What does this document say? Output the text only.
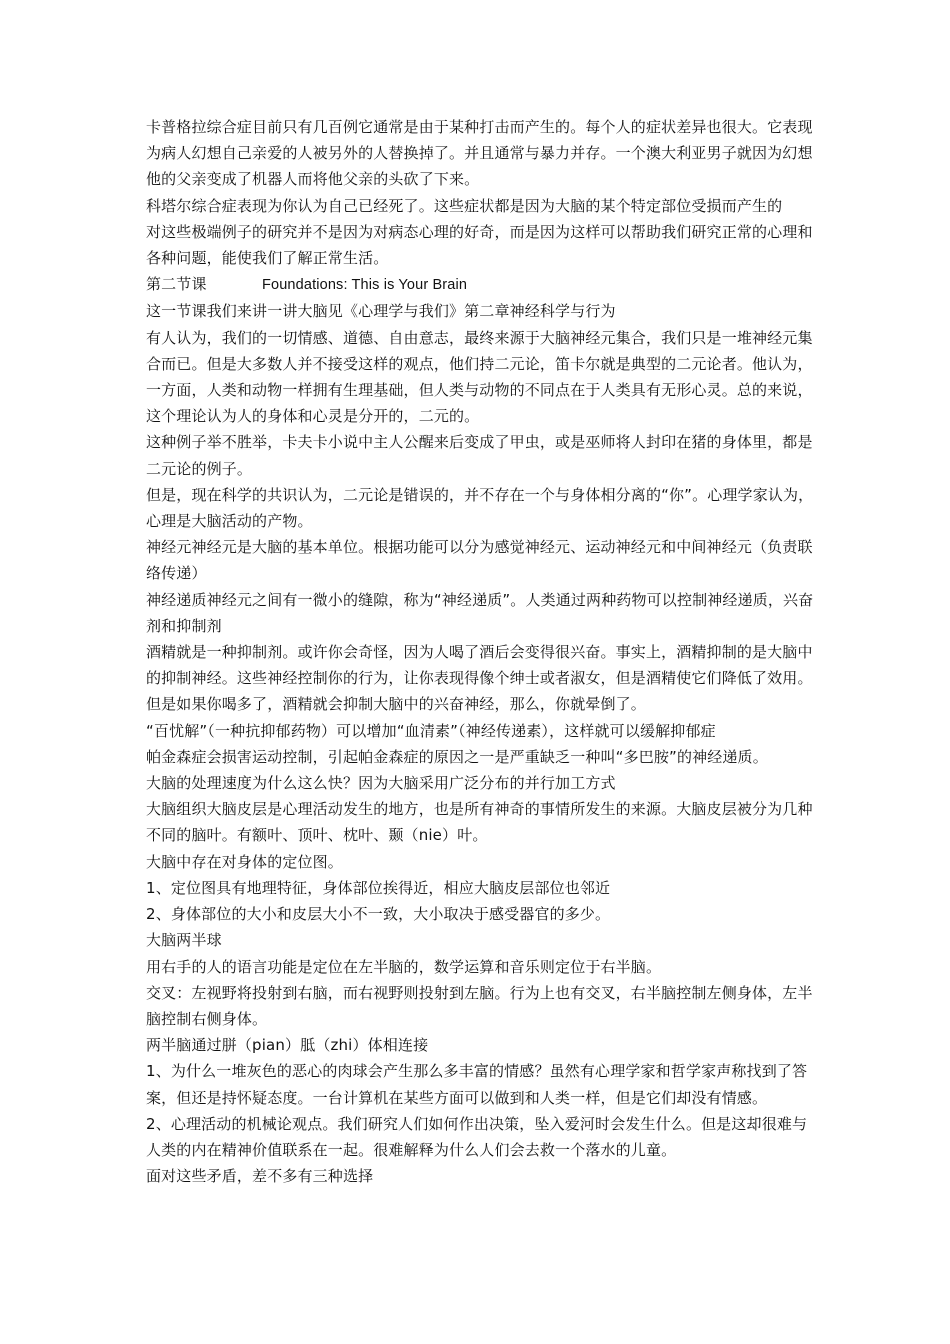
卡普格拉综合症目前只有几百例它通常是由于某种打击而产生的。每个人的症状差异也很大。它表现为病人幻想自己亲爱的人被另外的人替换掉了。并且通常与暴力并存。一个澳大利亚男子就因为幻想他的父亲变成了机器人而将他父亲的头砍了下来。

科塔尔综合症表现为你认为自己已经死了。这些症状都是因为大脑的某个特定部位受损而产生的

对这些极端例子的研究并不是因为对病态心理的好奇，而是因为这样可以帮助我们研究正常的心理和各种问题，能使我们了解正常生活。

第二节课	Foundations: This is Your Brain

这一节课我们来讲一讲大脑见《心理学与我们》第二章神经科学与行为

有人认为，我们的一切情感、道德、自由意志，最终来源于大脑神经元集合，我们只是一堆神经元集合而已。但是大多数人并不接受这样的观点，他们持二元论，笛卡尔就是典型的二元论者。他认为，一方面，人类和动物一样拥有生理基础，但人类与动物的不同点在于人类具有无形心灵。总的来说，这个理论认为人的身体和心灵是分开的，二元的。

这种例子举不胜举，卡夫卡小说中主人公醒来后变成了甲虫，或是巫师将人封印在猪的身体里，都是二元论的例子。

但是，现在科学的共识认为，二元论是错误的，并不存在一个与身体相分离的“你”。心理学家认为，心理是大脑活动的产物。

神经元神经元是大脑的基本单位。根据功能可以分为感觉神经元、运动神经元和中间神经元（负责联络传递）

神经递质神经元之间有一微小的缝隙，称为“神经递质”。人类通过两种药物可以控制神经递质，兴奋剂和抑制剂

酒精就是一种抑制剂。或许你会奇怪，因为人喝了酒后会变得很兴奋。事实上，酒精抑制的是大脑中的抑制神经。这些神经控制你的行为，让你表现得像个绅士或者淑女，但是酒精使它们降低了效用。但是如果你喝多了，酒精就会抑制大脑中的兴奋神经，那么，你就晕倒了。

“百忧解”（一种抗抑郁药物）可以增加“血清素”（神经传递素），这样就可以缓解抑郁症

帕金森症会损害运动控制，引起帕金森症的原因之一是严重缺乏一种叫“多巴胺”的神经递质。

大脑的处理速度为什么这么快？因为大脑采用广泛分布的并行加工方式

大脑组织大脑皮层是心理活动发生的地方，也是所有神奇的事情所发生的来源。大脑皮层被分为几种不同的脑叶。有额叶、顶叶、枕叶、颞（nie）叶。

大脑中存在对身体的定位图。

1、定位图具有地理特征，身体部位挨得近，相应大脑皮层部位也邻近

2、身体部位的大小和皮层大小不一致，大小取决于感受器官的多少。

大脑两半球

用右手的人的语言功能是定位在左半脑的，数学运算和音乐则定位于右半脑。

交叉：左视野将投射到右脑，而右视野则投射到左脑。行为上也有交叉，右半脑控制左侧身体，左半脑控制右侧身体。

两半脑通过胼（pian）胝（zhi）体相连接

1、为什么一堆灰色的恶心的肉球会产生那么多丰富的情感？虽然有心理学家和哲学家声称找到了答案，但还是持怀疑态度。一台计算机在某些方面可以做到和人类一样，但是它们却没有情感。

2、心理活动的机械论观点。我们研究人们如何作出决策，坠入爱河时会发生什么。但是这却很难与人类的内在精神价值联系在一起。很难解释为什么人们会去救一个落水的儿童。

面对这些矛盾，差不多有三种选择
